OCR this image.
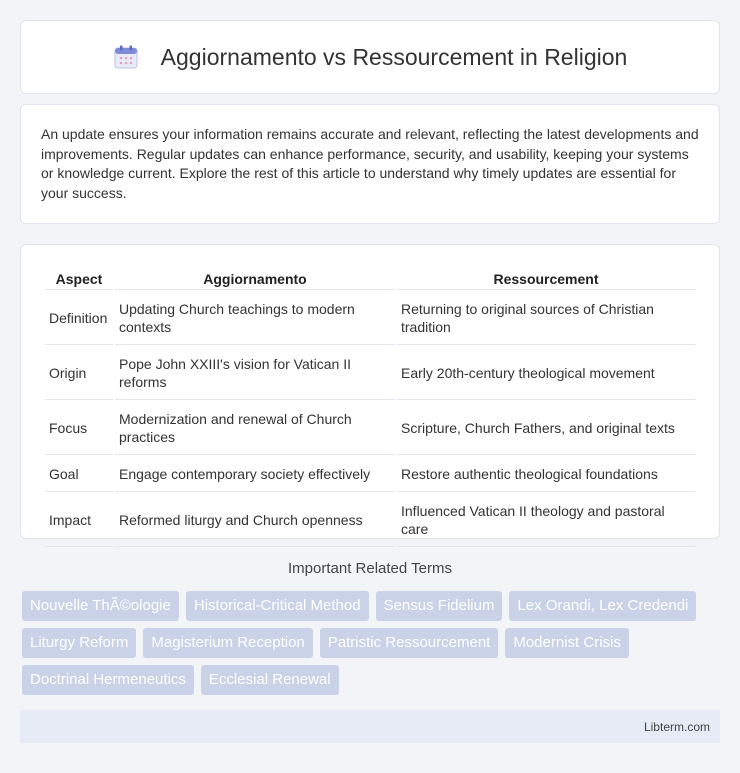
Aggiornamento vs Ressourcement in Religion

An update ensures your information remains accurate and relevant, reflecting the latest developments and improvements. Regular updates can enhance performance, security, and usability, keeping your systems or knowledge current. Explore the rest of this article to understand why timely updates are essential for your success.

Aspect	Aggiornamento	Ressourcement
Definition	Updating Church teachings to modern contexts	Returning to original sources of Christian tradition
Origin	Pope John XXIII's vision for Vatican II reforms	Early 20th-century theological movement
Focus	Modernization and renewal of Church practices	Scripture, Church Fathers, and original texts
Goal	Engage contemporary society effectively	Restore authentic theological foundations
Impact	Reformed liturgy and Church openness	Influenced Vatican II theology and pastoral care
Important Related Terms
Nouvelle ThÃ©ologie	Historical-Critical Method	Sensus Fidelium	Lex Orandi, Lex Credendi
Liturgy Reform	Magisterium Reception	Patristic Ressourcement	Modernist Crisis
Doctrinal Hermeneutics	Ecclesial Renewal
Libterm.com
